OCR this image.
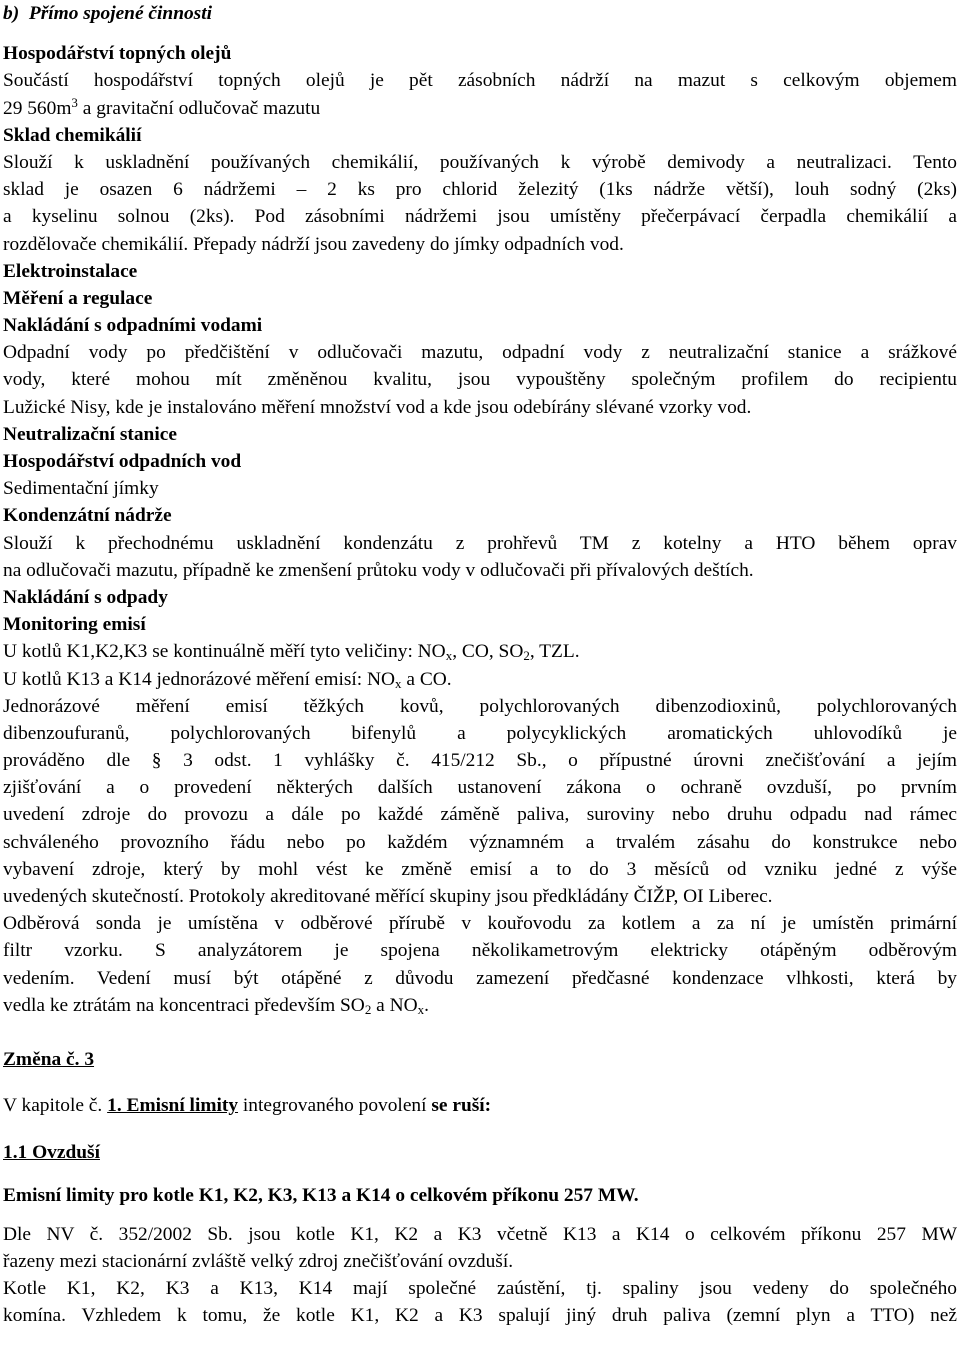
b) Přímo spojené činnosti
Hospodářství topných olejů
Součástí hospodářství topných olejů je pět zásobních nádrží na mazut s celkovým objemem
29 $560m^3$ a gravitační odlučovač mazutu
Sklad chemikálií
Slouží k uskladnění používaných chemikálií, používaných k výrobě demivody a neutralizaci. Tento
sklad je osazen 6 nádržemi – 2 ks pro chlorid železitý (1ks nádrže větší), louh sodný (2ks)
a kyselinu solnou (2ks). Pod zásobními nádržemi jsou umístěny přečerpávací čerpadla chemikálií a
rozdělovače chemikálií. Přepady nádrží jsou zavedeny do jímky odpadních vod.
Elektroinstalace
Měření a regulace
Nakládání s odpadními vodami
Odpadní vody po předčištění v odlučovači mazutu, odpadní vody z neutralizační stanice a srážkové
vody, které mohou mít změněnou kvalitu, jsou vypouštěny společným profilem do recipientu
Lužické Nisy, kde je instalováno měření množství vod a kde jsou odebírány slévané vzorky vod.
Neutralizační stanice
Hospodářství odpadních vod
Sedimentační jímky
Kondenzátní nádrže
Slouží k přechodnému uskladnění kondenzátu z prohřevů TM z kotelny a HTO během oprav
na odlučovači mazutu, případně ke zmenšení průtoku vody v odlučovači při přívalových deštích.
Nakládání s odpady
Monitoring emisí
U kotlů K1,K2,K3 se kontinuálně měří tyto veličiny: $NO_x$, CO, $SO_2$, TZL.
U kotlů K13 a K14 jednorázové měření emisí: $NO_x$ a CO.
Jednorázové měření emisí těžkých kovů, polychlorovaných dibenzodioxinů, polychlorovaných
dibenzoufuranů, polychlorovaných bifenylů a polycyklických aromatických uhlovodíků je
prováděno dle § 3 odst. 1 vyhlášky č. 415/212 Sb., o přípustné úrovni znečišťování a jejím
zjišťování a o provedení některých dalších ustanovení zákona o ochraně ovzduší, po prvním
uvedení zdroje do provozu a dále po každé záměně paliva, suroviny nebo druhu odpadu nad rámec
schváleného provozního řádu nebo po každém významném a trvalém zásahu do konstrukce nebo
vybavení zdroje, který by mohl vést ke změně emisí a to do 3 měsíců od vzniku jedné z výše
uvedených skutečností. Protokoly akreditované měřící skupiny jsou předkládány ČIŽP, OI Liberec.
Odběrová sonda je umístěna v odběrové přírubě v kouřovodu za kotlem a za ní je umístěn primární
filtr vzorku. S analyzátorem je spojena několikametrovým elektricky otápěným odběrovým
vedením. Vedení musí být otápěné z důvodu zamezení předčasné kondenzace vlhkosti, která by
vedla ke ztrátám na koncentraci především $SO_2$ a $NO_x$.
Změna č. 3
V kapitole č. 1. Emisní limity integrovaného povolení se ruší:
1.1 Ovzduší
Emisní limity pro kotle K1, K2, K3, K13 a K14 o celkovém příkonu 257 MW.
Dle NV č. 352/2002 Sb. jsou kotle K1, K2 a K3 včetně K13 a K14 o celkovém příkonu 257 MW
řazeny mezi stacionární zvláště velký zdroj znečišťování ovzduší.
Kotle K1, K2, K3 a K13, K14 mají společné zaústění, tj. spaliny jsou vedeny do společného
komína. Vzhledem k tomu, že kotle K1, K2 a K3 spalují jiný druh paliva (zemní plyn a TTO) než
